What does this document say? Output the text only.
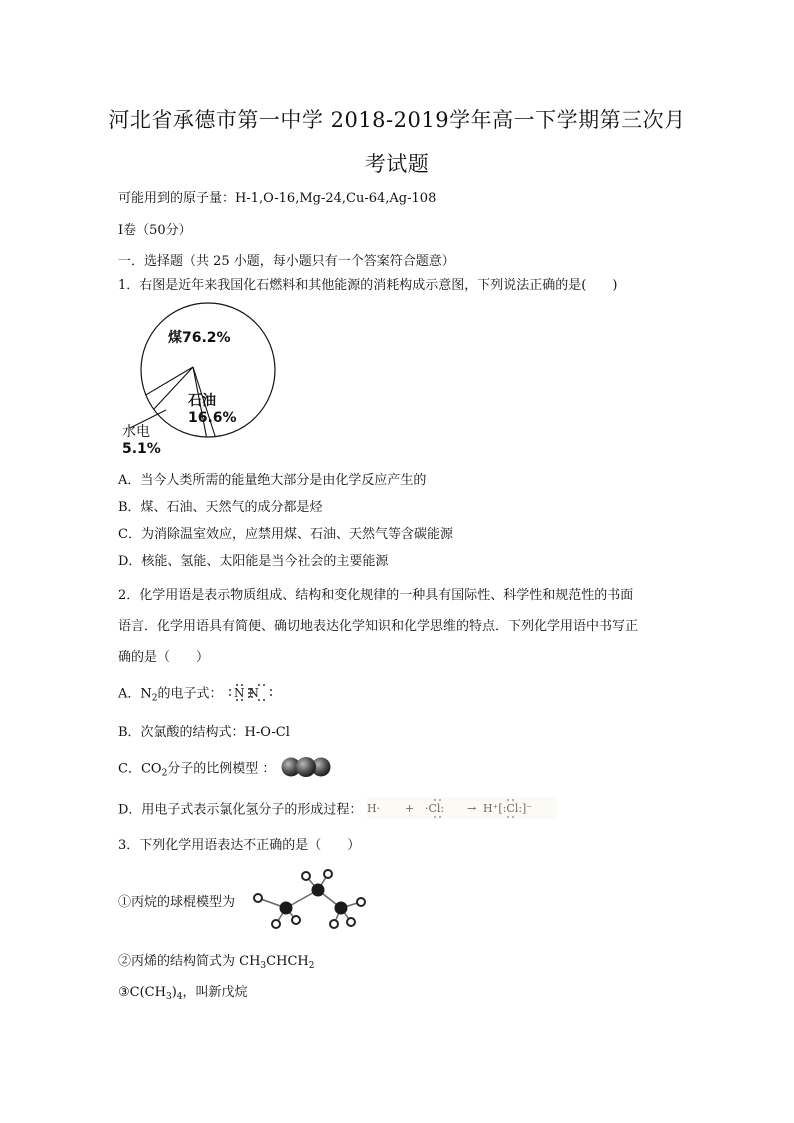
河北省承德市第一中学 2018-2019学年高一下学期第三次月
考试题
可能用到的原子量：H-1,O-16,Mg-24,Cu-64,Ag-108
I卷（50分）
一．选择题（共 25 小题，每小题只有一个答案符合题意）
1．右图是近年来我国化石燃料和其他能源的消耗构成示意图，下列说法正确的是(　　)
煤76.2%
石油
16.6%
水电
5.1%
A．当今人类所需的能量绝大部分是由化学反应产生的
B．煤、石油、天然气的成分都是烃
C．为消除温室效应，应禁用煤、石油、天然气等含碳能源
D．核能、氢能、太阳能是当今社会的主要能源
2．化学用语是表示物质组成、结构和变化规律的一种具有国际性、科学性和规范性的书面
语言．化学用语具有简便、确切地表达化学知识和化学思维的特点．下列化学用语中书写正
确的是（　　）
A．$N_2$的电子式： N N
B．次氯酸的结构式：H-O-Cl
C．$CO_2$分子的比例模型 ：
D．用电子式表示氯化氢分子的形成过程： H· + ·Cl: → H⁺[:Cl:]⁻
3．下列化学用语表达不正确的是（　　）
①丙烷的球棍模型为
②丙烯的结构简式为 $CH_3CHCH_2$
$③C(CH_3)_4$，叫新戊烷
